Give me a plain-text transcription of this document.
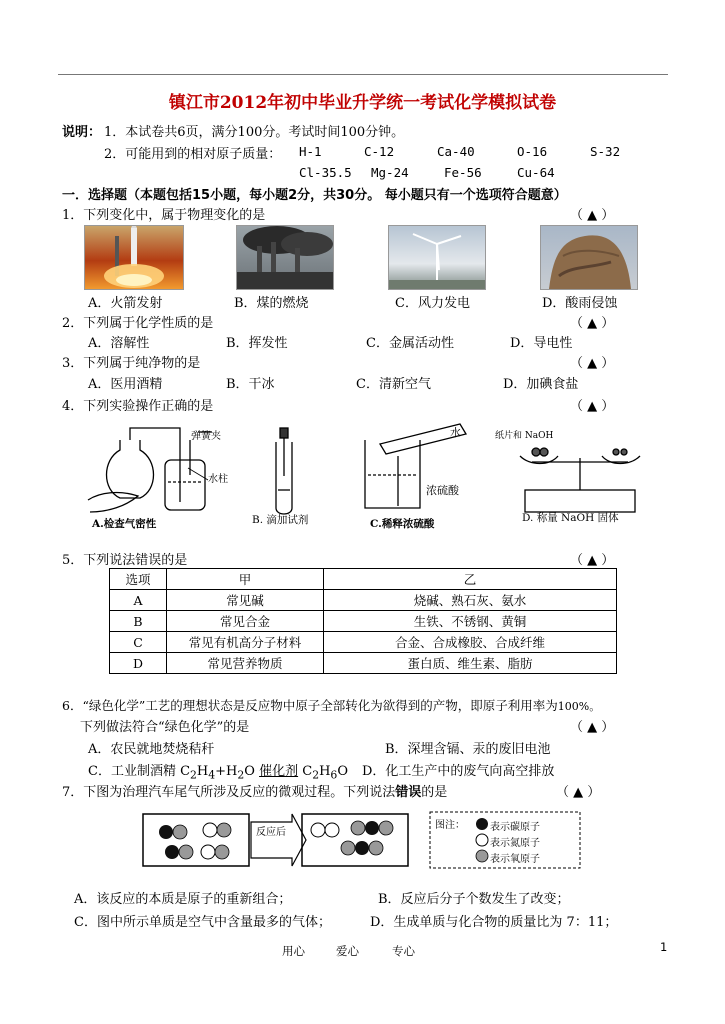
镇江市2012年初中毕业升学统一考试化学模拟试卷
说明： 1．本试卷共6页，满分100分。考试时间100分钟。
2．可能用到的相对原子质量： H-1	C-12	Ca-40	O-16	S-32
Cl-35.5 Mg-24	Fe-56	Cu-64
一．选择题（本题包括15小题，每小题2分，共30分。 每小题只有一个选项符合题意）
1．下列变化中，属于物理变化的是	（ ▲ ）
A．火箭发射	B．煤的燃烧	C．风力发电	D．酸雨侵蚀
2．下列属于化学性质的是	（ ▲ ）
A．溶解性	B．挥发性	C．金属活动性	D．导电性
3．下列属于纯净物的是	（ ▲ ）
A．医用酒精	B．干冰	C．清新空气	D．加碘食盐
4．下列实验操作正确的是	（ ▲ ）
弹簧夹
水柱
水
浓硫酸
纸片和 NaOH
A.检查气密性	B. 滴加试剂	C.稀释浓硫酸	D. 称量 NaOH 固体
5．下列说法错误的是	（ ▲ ）
选项	甲	乙
A	常见碱	烧碱、熟石灰、氨水
B	常见合金	生铁、不锈钢、黄铜
C	常见有机高分子材料	合金、合成橡胶、合成纤维
D	常见营养物质	蛋白质、维生素、脂肪
6．“绿色化学”工艺的理想状态是反应物中原子全部转化为欲得到的产物，即原子利用率为100%。
下列做法符合“绿色化学”的是	（ ▲ ）
A．农民就地焚烧秸秆	B．深埋含镉、汞的废旧电池
C．工业制酒精 $C_2H_4+H_2O$ 催化剂 $C_2H_6O$ D．化工生产中的废气向高空排放
7．下图为治理汽车尾气所涉及反应的微观过程。下列说法错误的是	（ ▲ ）
反应后
图注：	表示碳原子
表示氮原子
表示氧原子
A．该反应的本质是原子的重新组合；	B．反应后分子个数发生了改变；
C．图中所示单质是空气中含量最多的气体；	D．生成单质与化合物的质量比为 7：11；
用心	爱心	专心	1
